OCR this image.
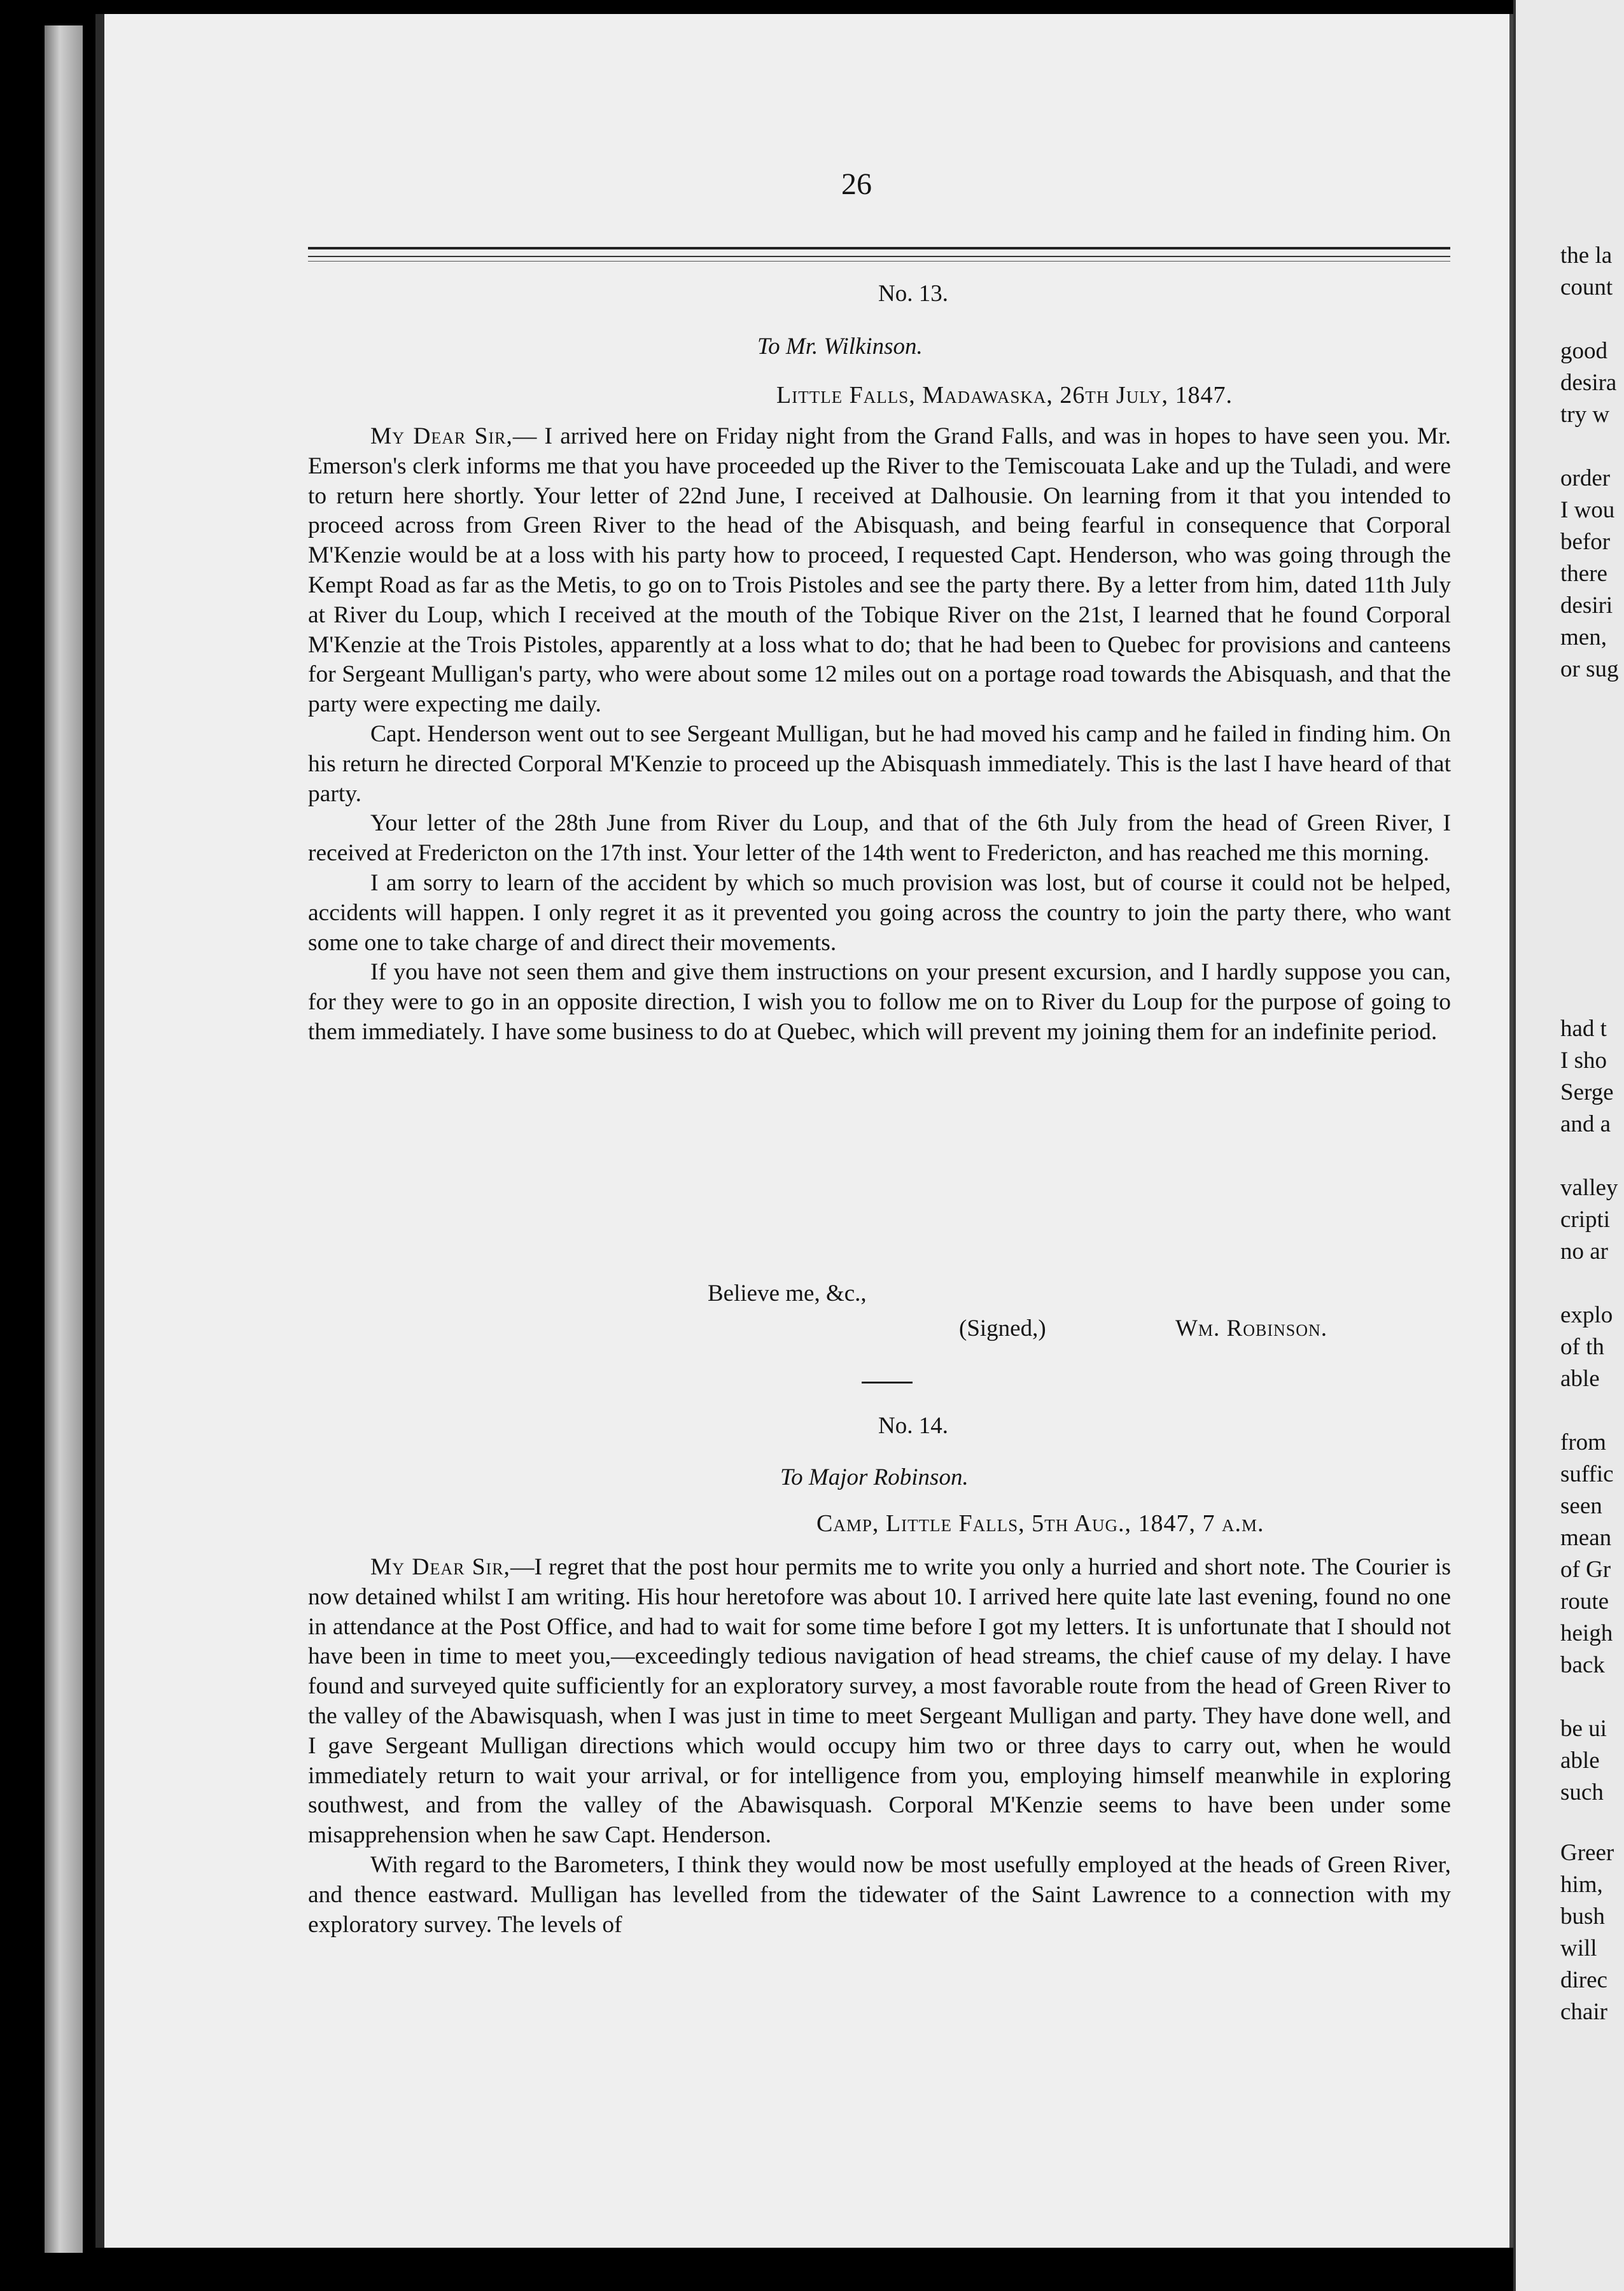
the la
count
good
desira
try w
order
I wou
befor
there
desiri
men,
or sug
had t
I sho
Serge
and a
valley
cripti
no ar
explo
of th
able
from
suffic
seen
mean
of Gr
route
heigh
back
be ui
able
such
Greer
him,
bush
will
direc
chair
26
No. 13.
To Mr. Wilkinson.
Little Falls, Madawaska, 26th July, 1847.

My Dear Sir,— I arrived here on Friday night from the Grand Falls, and was in hopes to have seen you. Mr. Emerson's clerk informs me that you have proceeded up the River to the Temiscouata Lake and up the Tuladi, and were to return here shortly. Your letter of 22nd June, I received at Dalhousie. On learning from it that you intended to proceed across from Green River to the head of the Abisquash, and being fearful in consequence that Corporal M'Kenzie would be at a loss with his party how to proceed, I requested Capt. Henderson, who was going through the Kempt Road as far as the Metis, to go on to Trois Pistoles and see the party there. By a letter from him, dated 11th July at River du Loup, which I received at the mouth of the Tobique River on the 21st, I learned that he found Corporal M'Kenzie at the Trois Pistoles, apparently at a loss what to do; that he had been to Quebec for provisions and canteens for Sergeant Mulligan's party, who were about some 12 miles out on a portage road towards the Abisquash, and that the party were expecting me daily.

Capt. Henderson went out to see Sergeant Mulligan, but he had moved his camp and he failed in finding him. On his return he directed Corporal M'Kenzie to proceed up the Abisquash immediately. This is the last I have heard of that party.

Your letter of the 28th June from River du Loup, and that of the 6th July from the head of Green River, I received at Fredericton on the 17th inst. Your letter of the 14th went to Fredericton, and has reached me this morning.

I am sorry to learn of the accident by which so much provision was lost, but of course it could not be helped, accidents will happen. I only regret it as it prevented you going across the country to join the party there, who want some one to take charge of and direct their movements.

If you have not seen them and give them instructions on your present excursion, and I hardly suppose you can, for they were to go in an opposite direction, I wish you to follow me on to River du Loup for the purpose of going to them immediately. I have some business to do at Quebec, which will prevent my joining them for an indefinite period.

Believe me, &c.,
(Signed,)	Wm. Robinson.
No. 14.
To Major Robinson.
Camp, Little Falls, 5th Aug., 1847, 7 a.m.

My Dear Sir,—I regret that the post hour permits me to write you only a hurried and short note. The Courier is now detained whilst I am writing. His hour heretofore was about 10. I arrived here quite late last evening, found no one in attendance at the Post Office, and had to wait for some time before I got my letters. It is unfortunate that I should not have been in time to meet you,—exceedingly tedious navigation of head streams, the chief cause of my delay. I have found and surveyed quite sufficiently for an exploratory survey, a most favorable route from the head of Green River to the valley of the Abawisquash, when I was just in time to meet Sergeant Mulligan and party. They have done well, and I gave Sergeant Mulligan directions which would occupy him two or three days to carry out, when he would immediately return to wait your arrival, or for intelligence from you, employing himself meanwhile in exploring southwest, and from the valley of the Abawisquash. Corporal M'Kenzie seems to have been under some misapprehension when he saw Capt. Henderson.

With regard to the Barometers, I think they would now be most usefully employed at the heads of Green River, and thence eastward. Mulligan has levelled from the tidewater of the Saint Lawrence to a connection with my exploratory survey. The levels of
